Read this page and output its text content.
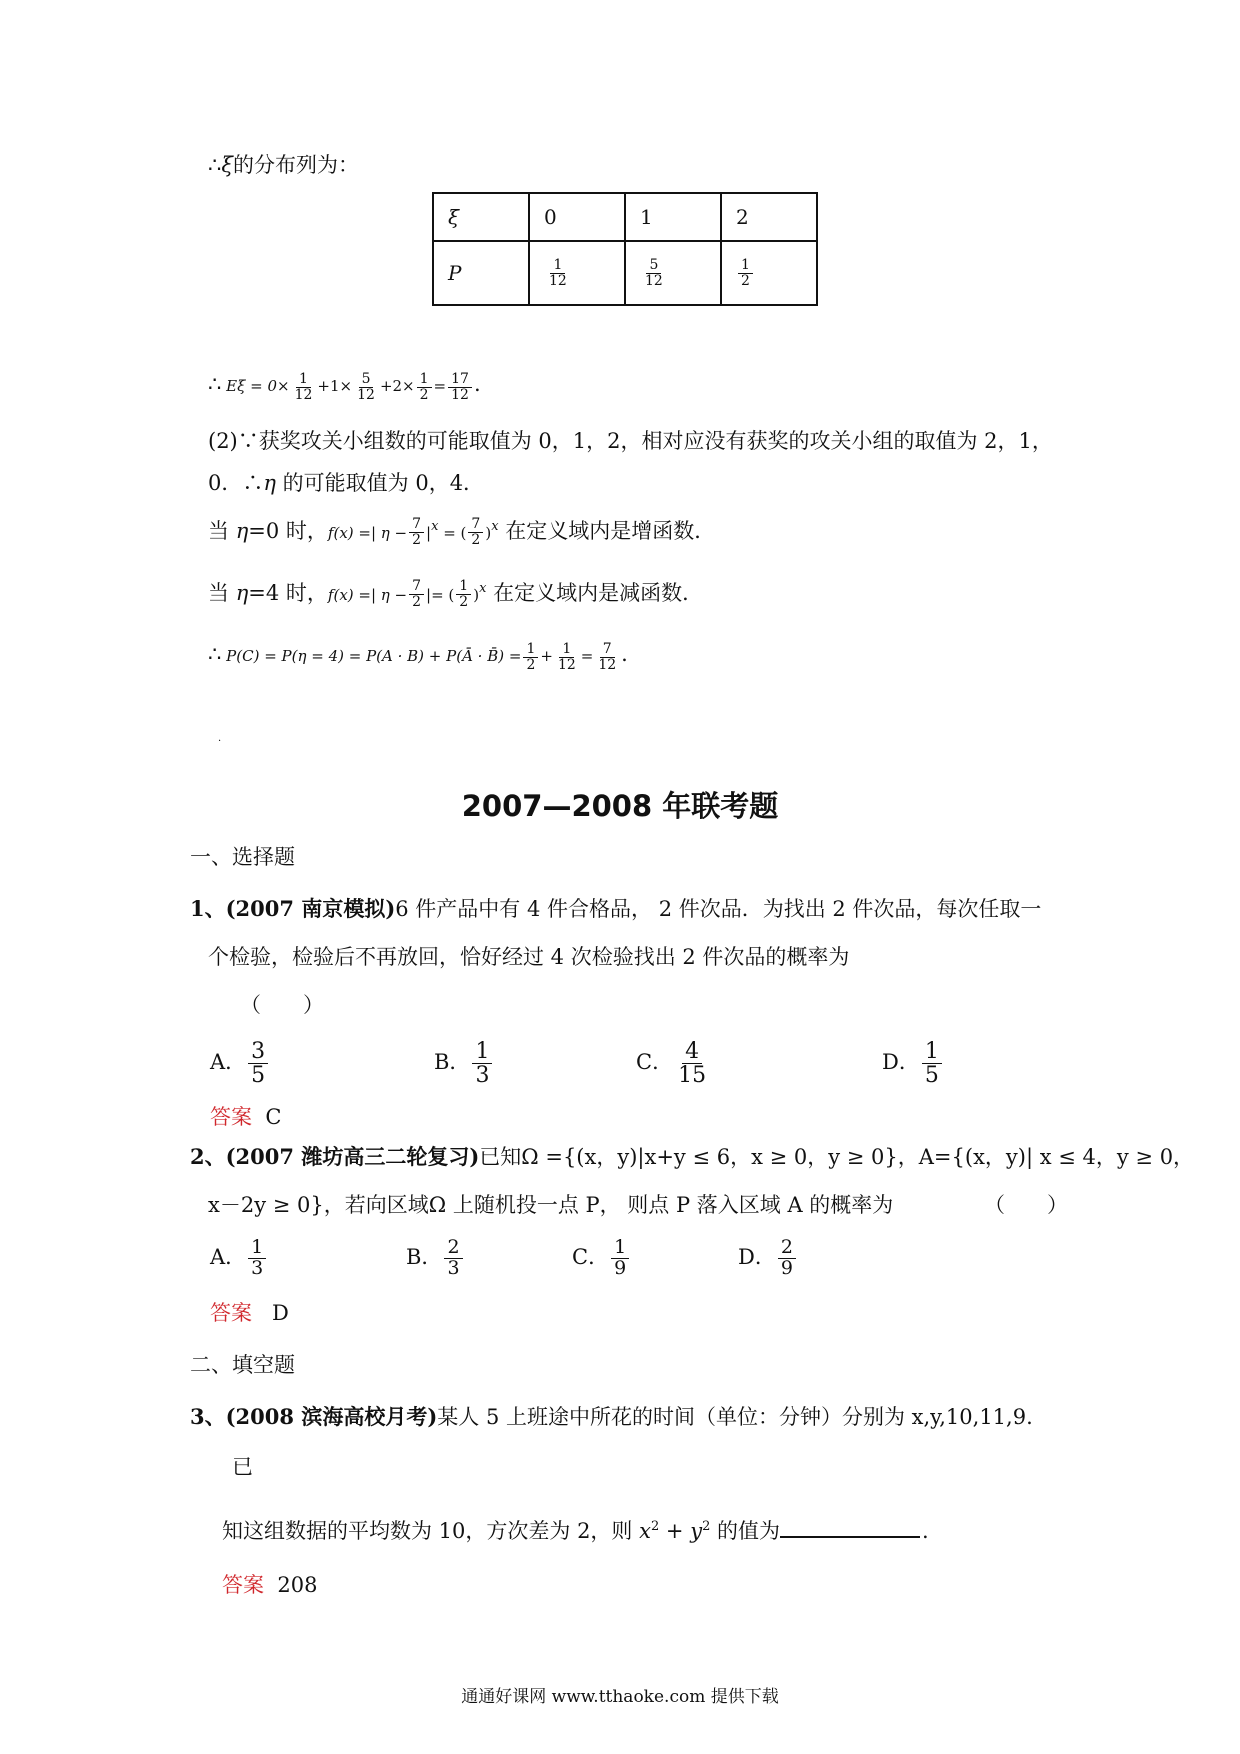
∴ξ的分布列为：
ξ	0	1	2
P	$\frac{1}{12}$	$\frac{5}{12}$	$\frac{1}{2}$
∴ $E\xi = 0\times \frac{1}{12} +1\times \frac{5}{12} +2\times \frac{1}{2} = \frac{17}{12}$ .
(2)∵获奖攻关小组数的可能取值为 0，1，2，相对应没有获奖的攻关小组的取值为 2，1，
0．∴η 的可能取值为 0，4．
当 η=0 时，f(x) =| $\eta - \frac{7}{2} |^x$ = ( $\frac{7}{2} )^x$ 在定义域内是增函数．
当 η=4 时，f(x) =| $\eta - \frac{7}{2}$ |= ( $\frac{1}{2} )^x$ 在定义域内是减函数．
∴ P(C) = P(η = 4) = P(A · B) + P(Ā · B̄) = $\frac{1}{2} + \frac{1}{12} = \frac{7}{12}$ .
·
2007—2008 年联考题
一、选择题
1、(2007 南京模拟)6 件产品中有 4 件合格品， 2 件次品．为找出 2 件次品，每次任取一
个检验，检验后不再放回，恰好经过 4 次检验找出 2 件次品的概率为
（　　）
A． $\frac{3}{5}$	B． $\frac{1}{3}$	C． $\frac{4}{15}$	D． $\frac{1}{5}$
答案 C
2、(2007 潍坊高三二轮复习)已知Ω ={(x，y)|x+y ≤ 6，x ≥ 0，y ≥ 0}，A={(x，y)| x ≤ 4，y ≥ 0，
x－2y ≥ 0}，若向区域Ω 上随机投一点 P， 则点 P 落入区域 A 的概率为	（　　）
A． $\frac{1}{3}$	B． $\frac{2}{3}$	C． $\frac{1}{9}$	D． $\frac{2}{9}$
答案 D
二、填空题
3、(2008 滨海高校月考)某人 5 上班途中所花的时间（单位：分钟）分别为 x,y,10,11,9.
已
知这组数据的平均数为 10，方次差为 2，则 $x^2 + y^2$ 的值为	.
答案 208
通通好课网 www.tthaoke.com 提供下载
